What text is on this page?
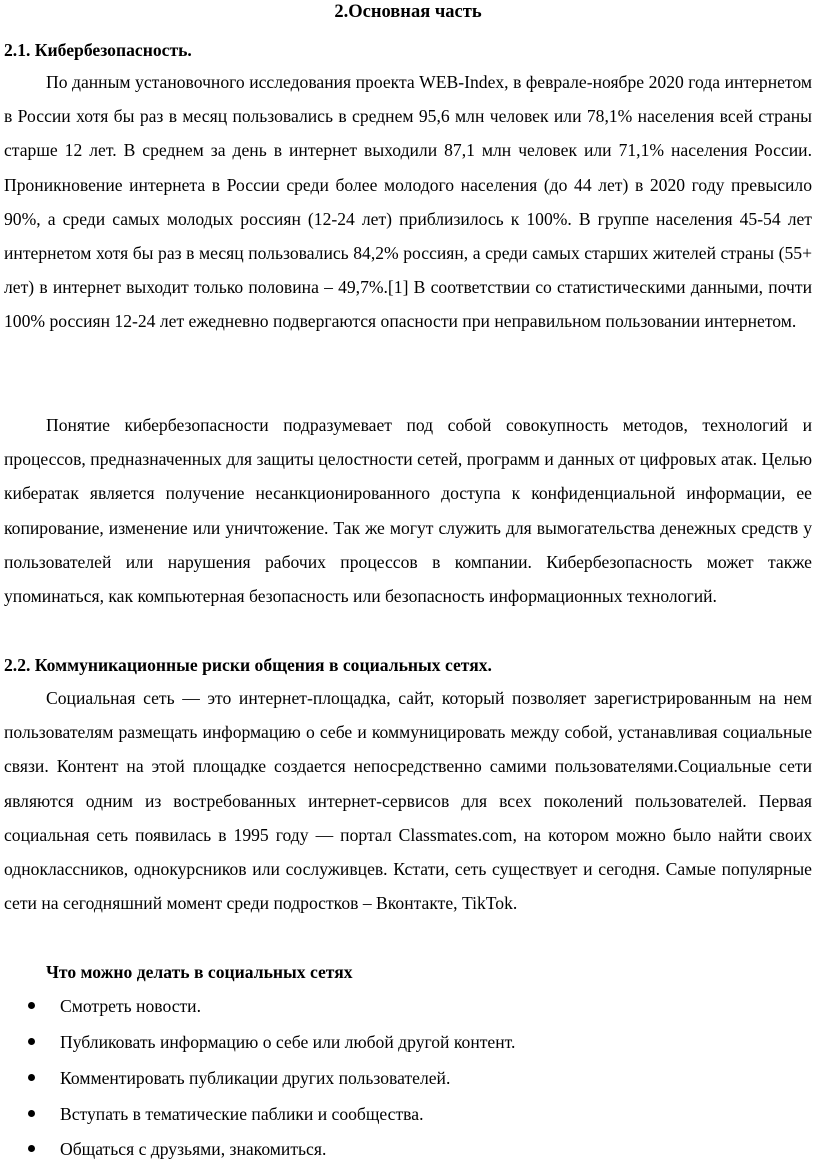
2.Основная часть
2.1. Кибербезопасность.

По данным установочного исследования проекта WEB-Index, в феврале-ноябре 2020 года интернетом в России хотя бы раз в месяц пользовались в среднем 95,6 млн человек или 78,1% населения всей страны старше 12 лет. В среднем за день в интернет выходили 87,1 млн человек или 71,1% населения России. Проникновение интернета в России среди более молодого населения (до 44 лет) в 2020 году превысило 90%, а среди самых молодых россиян (12-24 лет) приблизилось к 100%. В группе населения 45-54 лет интернетом хотя бы раз в месяц пользовались 84,2% россиян, а среди самых старших жителей страны (55+ лет) в интернет выходит только половина – 49,7%.[1] В соответствии со статистическими данными, почти 100% россиян 12-24 лет ежедневно подвергаются опасности при неправильном пользовании интернетом.

Понятие кибербезопасности подразумевает под собой совокупность методов, технологий и процессов, предназначенных для защиты целостности сетей, программ и данных от цифровых атак. Целью кибератак является получение несанкционированного доступа к конфиденциальной информации, ее копирование, изменение или уничтожение. Так же могут служить для вымогательства денежных средств у пользователей или нарушения рабочих процессов в компании. Кибербезопасность может также упоминаться, как компьютерная безопасность или безопасность информационных технологий.

2.2. Коммуникационные риски общения в социальных сетях.

Социальная сеть — это интернет-площадка, сайт, который позволяет зарегистрированным на нем пользователям размещать информацию о себе и коммуницировать между собой, устанавливая социальные связи. Контент на этой площадке создается непосредственно самими пользователями.Социальные сети являются одним из востребованных интернет-сервисов для всех поколений пользователей. Первая социальная сеть появилась в 1995 году — портал Classmates.com, на котором можно было найти своих одноклассников, однокурсников или сослуживцев. Кстати, сеть существует и сегодня. Самые популярные сети на сегодняшний момент среди подростков – Вконтакте, TikTok.

Что можно делать в социальных сетях

Смотреть новости.
Публиковать информацию о себе или любой другой контент.
Комментировать публикации других пользователей.
Вступать в тематические паблики и сообщества.
Общаться с друзьями, знакомиться.
